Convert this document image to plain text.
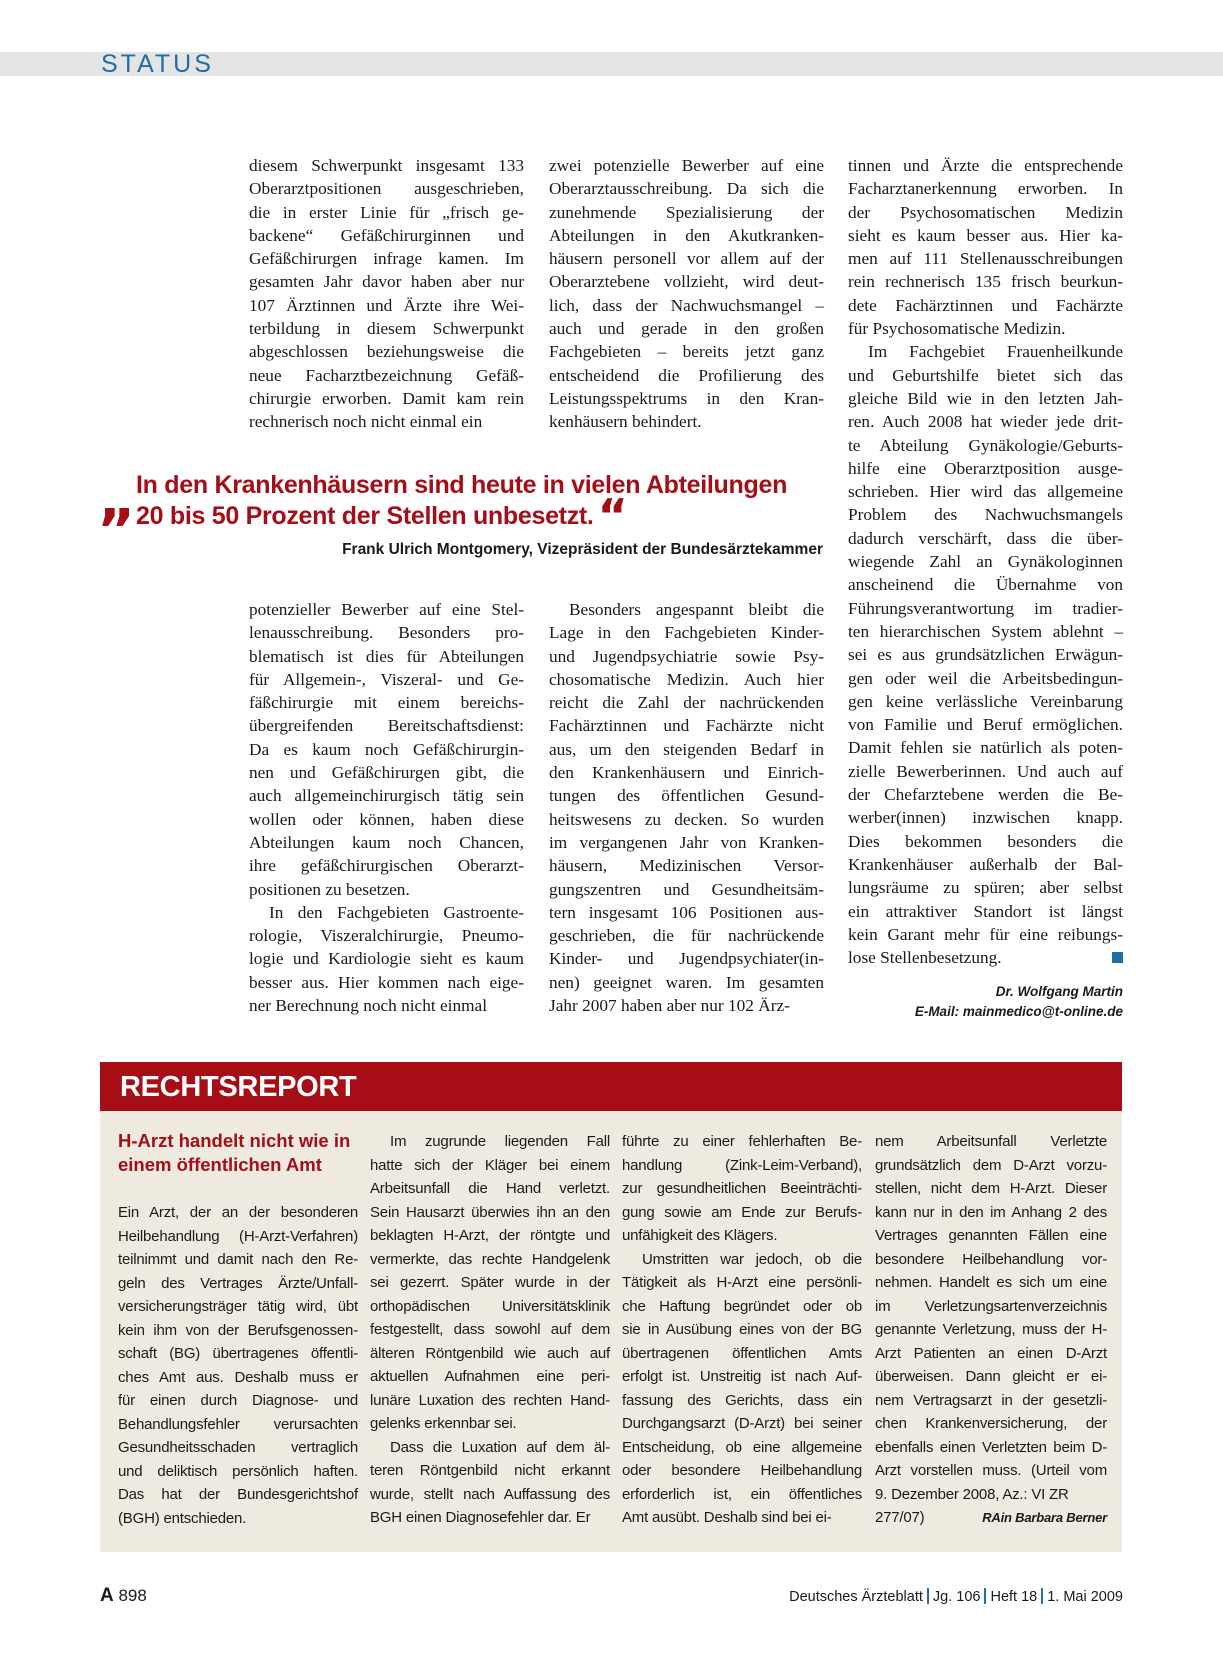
STATUS
diesem Schwerpunkt insgesamt 133
Oberarztpositionen ausgeschrieben,
die in erster Linie für „frisch ge-
backene“ Gefäßchirurginnen und
Gefäßchirurgen infrage kamen. Im
gesamten Jahr davor haben aber nur
107 Ärztinnen und Ärzte ihre Wei-
terbildung in diesem Schwerpunkt
abgeschlossen beziehungsweise die
neue Facharztbezeichnung Gefäß-
chirurgie erworben. Damit kam rein
rechnerisch noch nicht einmal ein
zwei potenzielle Bewerber auf eine
Oberarztausschreibung. Da sich die
zunehmende Spezialisierung der
Abteilungen in den Akutkranken-
häusern personell vor allem auf der
Oberarztebene vollzieht, wird deut-
lich, dass der Nachwuchsmangel –
auch und gerade in den großen
Fachgebieten – bereits jetzt ganz
entscheidend die Profilierung des
Leistungsspektrums in den Kran-
kenhäusern behindert.
„ In den Krankenhäusern sind heute in vielen Abteilungen
20 bis 50 Prozent der Stellen unbesetzt.“
Frank Ulrich Montgomery, Vizepräsident der Bundesärztekammer
potenzieller Bewerber auf eine Stel-
lenausschreibung. Besonders pro-
blematisch ist dies für Abteilungen
für Allgemein-, Viszeral- und Ge-
fäßchirurgie mit einem bereichs-
übergreifenden Bereitschaftsdienst:
Da es kaum noch Gefäßchirurgin-
nen und Gefäßchirurgen gibt, die
auch allgemeinchirurgisch tätig sein
wollen oder können, haben diese
Abteilungen kaum noch Chancen,
ihre gefäßchirurgischen Oberarzt-
positionen zu besetzen.
In den Fachgebieten Gastroente-
rologie, Viszeralchirurgie, Pneumo-
logie und Kardiologie sieht es kaum
besser aus. Hier kommen nach eige-
ner Berechnung noch nicht einmal
Besonders angespannt bleibt die
Lage in den Fachgebieten Kinder-
und Jugendpsychiatrie sowie Psy-
chosomatische Medizin. Auch hier
reicht die Zahl der nachrückenden
Fachärztinnen und Fachärzte nicht
aus, um den steigenden Bedarf in
den Krankenhäusern und Einrich-
tungen des öffentlichen Gesund-
heitswesens zu decken. So wurden
im vergangenen Jahr von Kranken-
häusern, Medizinischen Versor-
gungszentren und Gesundheitsäm-
tern insgesamt 106 Positionen aus-
geschrieben, die für nachrückende
Kinder- und Jugendpsychiater(in-
nen) geeignet waren. Im gesamten
Jahr 2007 haben aber nur 102 Ärz-
tinnen und Ärzte die entsprechende
Facharztanerkennung erworben. In
der Psychosomatischen Medizin
sieht es kaum besser aus. Hier ka-
men auf 111 Stellenausschreibungen
rein rechnerisch 135 frisch beurkun-
dete Fachärztinnen und Fachärzte
für Psychosomatische Medizin.
Im Fachgebiet Frauenheilkunde
und Geburtshilfe bietet sich das
gleiche Bild wie in den letzten Jah-
ren. Auch 2008 hat wieder jede drit-
te Abteilung Gynäkologie/Geburts-
hilfe eine Oberarztposition ausge-
schrieben. Hier wird das allgemeine
Problem des Nachwuchsmangels
dadurch verschärft, dass die über-
wiegende Zahl an Gynäkologinnen
anscheinend die Übernahme von
Führungsverantwortung im tradier-
ten hierarchischen System ablehnt –
sei es aus grundsätzlichen Erwägun-
gen oder weil die Arbeitsbedingun-
gen keine verlässliche Vereinbarung
von Familie und Beruf ermöglichen.
Damit fehlen sie natürlich als poten-
zielle Bewerberinnen. Und auch auf
der Chefarztebene werden die Be-
werber(innen) inzwischen knapp.
Dies bekommen besonders die
Krankenhäuser außerhalb der Bal-
lungsräume zu spüren; aber selbst
ein attraktiver Standort ist längst
kein Garant mehr für eine reibungs-
lose Stellenbesetzung.
Dr. Wolfgang Martin
E-Mail: mainmedico@t-online.de
RECHTSREPORT
H-Arzt handelt nicht wie in
einem öffentlichen Amt
Ein Arzt, der an der besonderen
Heilbehandlung (H-Arzt-Verfahren)
teilnimmt und damit nach den Re-
geln des Vertrages Ärzte/Unfall-
versicherungsträger tätig wird, übt
kein ihm von der Berufsgenossen-
schaft (BG) übertragenes öffentli-
ches Amt aus. Deshalb muss er
für einen durch Diagnose- und
Behandlungsfehler verursachten
Gesundheitsschaden vertraglich
und deliktisch persönlich haften.
Das hat der Bundesgerichtshof
(BGH) entschieden.
Im zugrunde liegenden Fall
hatte sich der Kläger bei einem
Arbeitsunfall die Hand verletzt.
Sein Hausarzt überwies ihn an den
beklagten H-Arzt, der röntgte und
vermerkte, das rechte Handgelenk
sei gezerrt. Später wurde in der
orthopädischen Universitätsklinik
festgestellt, dass sowohl auf dem
älteren Röntgenbild wie auch auf
aktuellen Aufnahmen eine peri-
lunäre Luxation des rechten Hand-
gelenks erkennbar sei.
Dass die Luxation auf dem äl-
teren Röntgenbild nicht erkannt
wurde, stellt nach Auffassung des
BGH einen Diagnosefehler dar. Er
führte zu einer fehlerhaften Be-
handlung (Zink-Leim-Verband),
zur gesundheitlichen Beeinträchti-
gung sowie am Ende zur Berufs-
unfähigkeit des Klägers.
Umstritten war jedoch, ob die
Tätigkeit als H-Arzt eine persönli-
che Haftung begründet oder ob
sie in Ausübung eines von der BG
übertragenen öffentlichen Amts
erfolgt ist. Unstreitig ist nach Auf-
fassung des Gerichts, dass ein
Durchgangsarzt (D-Arzt) bei seiner
Entscheidung, ob eine allgemeine
oder besondere Heilbehandlung
erforderlich ist, ein öffentliches
Amt ausübt. Deshalb sind bei ei-
nem Arbeitsunfall Verletzte
grundsätzlich dem D-Arzt vorzu-
stellen, nicht dem H-Arzt. Dieser
kann nur in den im Anhang 2 des
Vertrages genannten Fällen eine
besondere Heilbehandlung vor-
nehmen. Handelt es sich um eine
im Verletzungsartenverzeichnis
genannte Verletzung, muss der H-
Arzt Patienten an einen D-Arzt
überweisen. Dann gleicht er ei-
nem Vertragsarzt in der gesetzli-
chen Krankenversicherung, der
ebenfalls einen Verletzten beim D-
Arzt vorstellen muss. (Urteil vom
9. Dezember 2008, Az.: VI ZR
277/07)	RAin Barbara Berner
A 898	Deutsches Ärzteblatt Jg. 106 Heft 18 1. Mai 2009
